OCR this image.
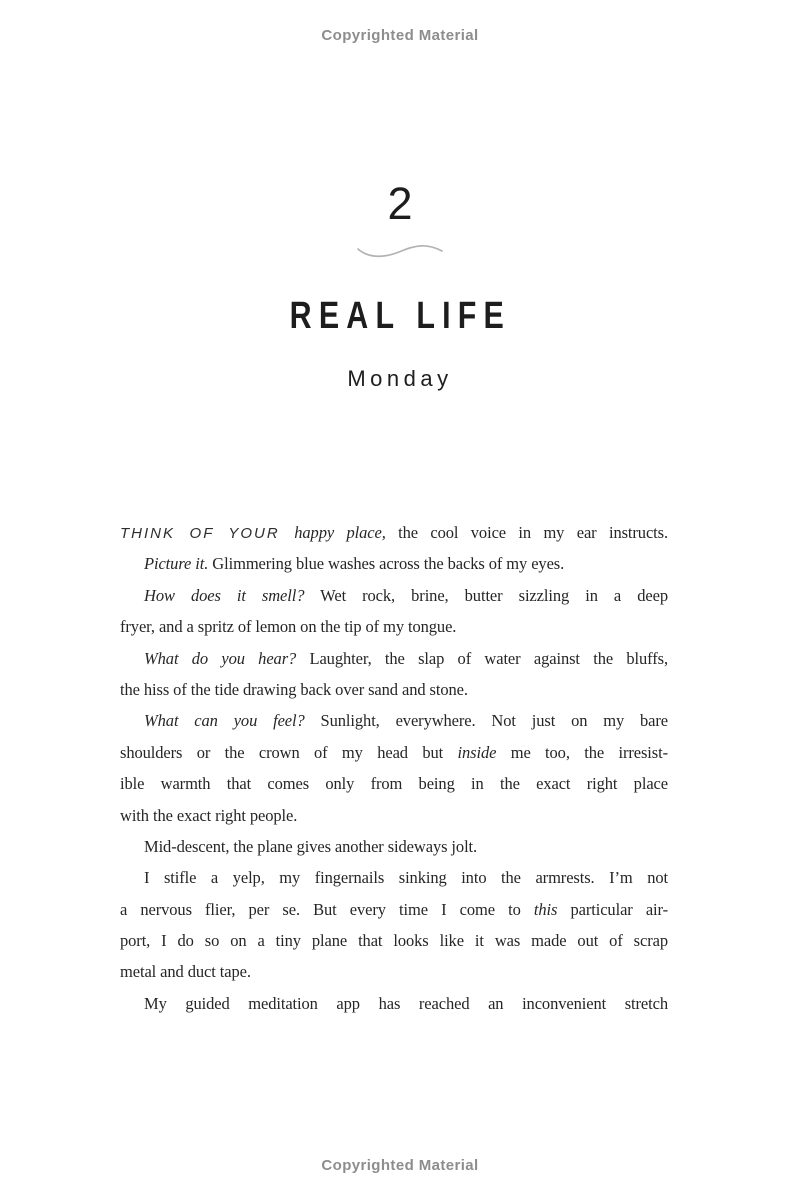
Copyrighted Material
2
REAL LIFE
Monday
THINK OF YOUR happy place, the cool voice in my ear instructs.
Picture it. Glimmering blue washes across the backs of my eyes.
How does it smell? Wet rock, brine, butter sizzling in a deep
fryer, and a spritz of lemon on the tip of my tongue.
What do you hear? Laughter, the slap of water against the bluffs,
the hiss of the tide drawing back over sand and stone.
What can you feel? Sunlight, everywhere. Not just on my bare
shoulders or the crown of my head but inside me too, the irresist-
ible warmth that comes only from being in the exact right place
with the exact right people.
Mid-descent, the plane gives another sideways jolt.
I stifle a yelp, my fingernails sinking into the armrests. I’m not
a nervous flier, per se. But every time I come to this particular air-
port, I do so on a tiny plane that looks like it was made out of scrap
metal and duct tape.
My guided meditation app has reached an inconvenient stretch
Copyrighted Material
